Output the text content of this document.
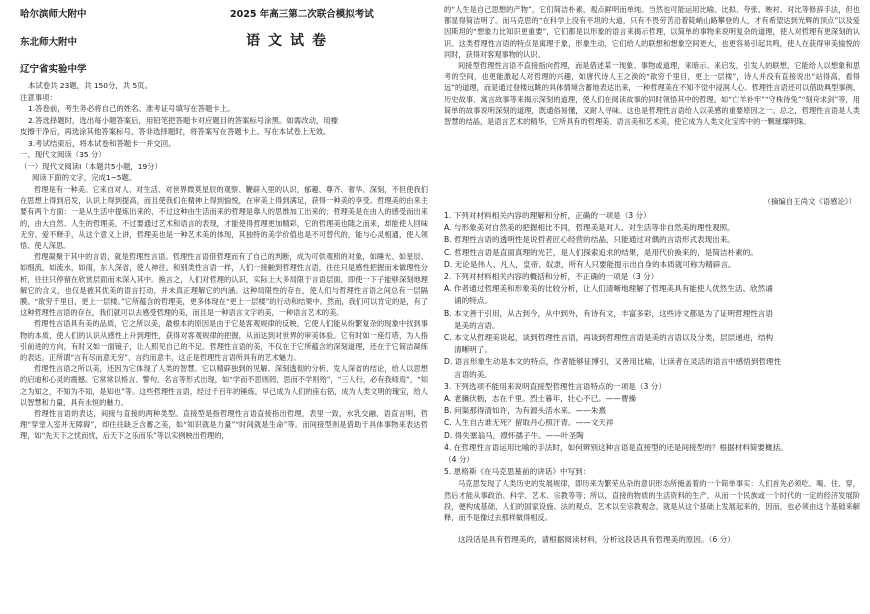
哈尔滨师大附中	2025 年高三第二次联合模拟考试
东北师大附中	语文试卷
辽宁省实验中学
本试卷共 23题，共 150分，共 5页。
注意事项：
1.答卷前，考生务必将自己的姓名、准考证号填写在答题卡上。
2.答选择题时，选出每小题答案后，用铅笔把答题卡对应题目的答案标号涂黑。如需改动，用橡
皮擦干净后，再选涂其他答案标号。答非选择题时，将答案写在答题卡上。写在本试卷上无效。
3.考试结束后，将本试卷和答题卡一并交回。
一、现代文阅读（35 分）
（一）现代文阅读Ⅰ（本题共5小题，19分）
阅读下面的文字，完成1~5题。

哲理是有一种美。它来自对人、对生活、对世界微莫星辰的观察、鞭辟入里的认识，郁趣、尊齐、奢华、深刻，不但使我们在思想上得到启发，认识上得到提高，而且使我们在精神上得到愉悦，在审美上得到满足，获得一种美的享受。哲理美的由来主要有两个方面：一是从生活中提炼出来的，不过这种由生活而来的哲理是靠人的思维加工出来的；哲理美是在由人的感受而出来的，由大自然、人生的哲理美，不过要通过艺术和语言的表现，才能使得哲理更加精彩，它的哲理美也随之而来，却能使人回味无穷、爱不释手，从这个意义上讲，哲理美也是一种艺术美的体现，其独特的美学价值也是不可替代的，能与心灵相通，使人领悟、使人深思。

哲理凝聚于其中的言语，就是哲理性言语。哲理性言语借哲理而有了自己的判断，成为可供观照的对象，如睡光、如星辰、如细流，如流水，如雨，东人深省，使人神往。和别类性言语一样，人们一接触到哲理性言语，往往只是感性把握而未做理性分析，往往只停留在欣赏层面而未深入其中。换言之，人们对哲理的认识，实际上大多局限于言语层面，即使一下子能够深刻地理解它的含义，也仅是被其优美的语言打动，并未真正理解它的内涵。这种局限性的存在，使人们与哲理性言语之间总有一层隔膜。“欲穷千里目，更上一层楼。”它所蕴含的哲理美，更多体现在“更上一层楼”的行动和结果中。然而，我们可以肯定的是，有了这种哲理性言语的存在，我们就可以去感受哲理的美，而且是一种语言文字的美，一种语言艺术的美。

哲理性言语具有美的品质，它之所以美，最根本的原因是由于它是客观规律的反映，它使人们能从纷繁复杂的现象中找到事物的本质，使人们的认识从感性上升到理性，获得对客观规律的把握，从而达到对世界的审美体验。它有时如一座灯塔，为人指引前进的方向，有时又如一面镜子，让人照见自己的不足。哲理性言语的美，不仅在于它所蕴含的深刻道理，还在于它简洁凝练的表达。正所谓“言有尽而意无穷”，言约而意丰，这正是哲理性言语所具有的艺术魅力。

哲理性言语之所以美，还因为它体现了人类的智慧。它以精辟独到的见解、深刻透彻的分析、发人深省的结论，给人以思想的启迪和心灵的震撼。它常常以格言、警句、名言等形式出现，如“学而不思则罔，思而不学则殆”，“三人行，必有我师焉”，“知之为知之，不知为不知，是知也”等。这些哲理性言语，经过千百年的锤炼，早已成为人们的座右铭，成为人类文明的瑰宝，给人以智慧和力量，具有永恒的魅力。

哲理性言语的表达，间接与直接的两种类型。直接型是指哲理性言语直接指出哲理，表里一致，水乳交融，语直言明，哲理“穿堂入室并无障碍”，却往往缺乏含蓄之美，如“知识就是力量”“时间就是生命”等。而间接型则是借助于具体事物来表达哲理，如“先天下之忧而忧，后天下之乐而乐”等以实例映出哲理的，

的“人生是自己思想的产物”，它们简洁朴素，观点鲜明而单纯。当然也可能运用比喻、比拟、夸张、映衬、对比等修辞手法，但也都显得简洁明了。而马克思的“在科学上没有平坦的大道，只有不畏劳苦沿着陡峭山路攀登的人，才有希望达到光辉的顶点”以及爱因斯坦的“想象力比知识更重要”，它们都是以形象的语言来揭示哲理，以简单的事物来说明复杂的道理，使人对哲理有更深刻的认识。这类哲理性言语的特点是寓理于象，形象生动，它们给人的联想和想象空间更大，也更容易引起共鸣，使人在获得审美愉悦的同时，获得对客观事物的认识。

间接型哲理性言语不直接指向哲理，而是借述某一现象、事物或道理，来暗示、来启发，引发人的联想，它能给人以想象和思考的空间，也更能激起人对哲理的兴趣，如唐代诗人王之涣的“欲穷千里目，更上一层楼”，诗人并没有直接说出“站得高，看得远”的道理，而是通过登楼远眺的具体情境含蓄地表达出来，一种哲理美在不知不觉中浸润人心。哲理性言语还可以借助典型事例、历史故事、寓言故事等来揭示深刻的道理，使人们在阅读故事的同时领悟其中的哲理。如“亡羊补牢”“守株待兔”“刻舟求剑”等，用简单的故事说明深刻的道理，既通俗易懂，又耐人寻味。这也是哲理性言语给人以美感的重要原因之一。总之，哲理性言语是人类智慧的结晶，是语言艺术的精华，它所具有的哲理美、语言美和艺术美，使它成为人类文化宝库中的一颗璀璨明珠。

（摘编自王尚文《语感论》）

1. 下列对材料相关内容的理解和分析，正确的一项是（3 分）

A. 与形象美对自然美的把握相比不同，哲理美是对人、对生活等非自然美的理性观照。

B. 哲理性言语的透明性是说哲者匠心经营的结晶，只能通过对偶的言语形式表现出来。

C. 哲理性言语是直面真理的光芒，是人们探索追求的结果，是用代价换来的，是简洁朴素的。

D. 无论是伟人、凡人，皇帝、奴隶，所有人只要能提示出自身的本质就可称为精辟言。

2. 下列对材料相关内容的概括和分析，不正确的一项是（3 分）

A. 作者通过哲理美和形象美的比较分析，让人们清晰地理解了哲理美具有能使人优然生活、欣然诵

诵的特点。

B. 本文善于引用，从古到今，从中到外，有诗有文，丰富多彩，这些诗文都是为了证明哲理性言语

是美的言语。

C. 本文从哲理美说起，谈到哲理性言语，再谈到哲理性言语是美的言语以及分类，层层递进，结构

清晰明了。

D. 语言形象生动是本文的特点，作者能够征博引，又善用比喻，让读者在灵活的语言中感悟到哲理性

言语的美。

3. 下列选项不能用来说明直接型哲理性言语特点的一项是（3 分）

A. 老骥伏枥，志在千里。烈士暮年，壮心不已。——曹操

B. 问渠那得清如许，为有源头活水来。——朱熹

C. 人生自古谁无死？留取丹心照汗青。——文天祥

D. 得失塞翁马，襟怀孺子牛。——叶圣陶

4. 在哲理性言语运用比喻的手法时，如何辨别这种言语是直接型的还是间接型的？根据材料简要概括。

（4 分）

5. 恩格斯《在马克思墓前的讲话》中写到：

马克思发现了人类历史的发展规律，即历来为繁芜丛杂的意识形态所掩盖着的一个简单事实：人们首先必须吃、喝、住、穿，然后才能从事政治、科学、艺术、宗教等等；所以，直接的物质的生活资料的生产，从而一个民族或一个时代的一定的经济发展阶段，便构成基础，人们的国家设施、法的观点、艺术以至宗教观念，就是从这个基础上发展起来的，因而，也必须由这个基础来解释，而不是像过去那样做得相反。

这段话是具有哲理美的，请根据阅读材料，分析这段话具有哲理美的原因。（6 分）
